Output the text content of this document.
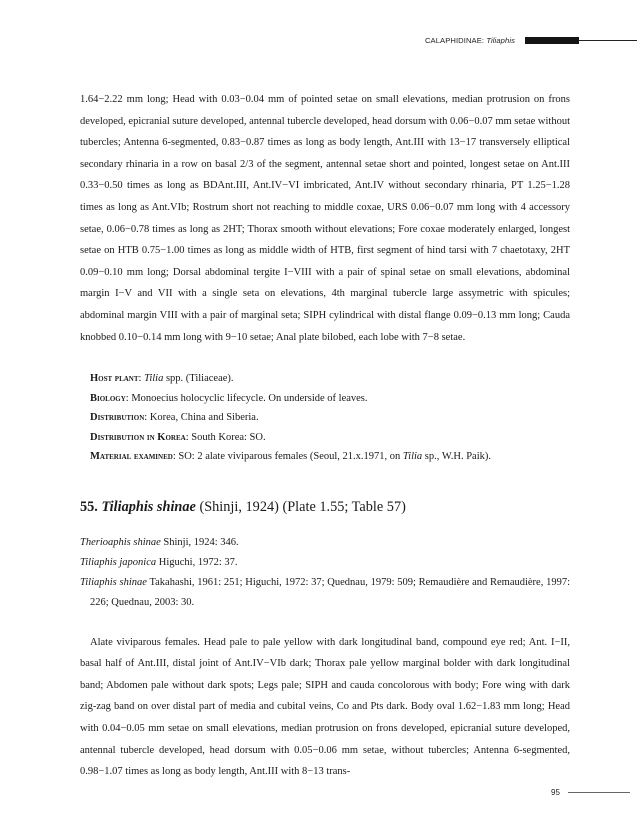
CALAPHIDINAE: Tiliaphis

1.64−2.22 mm long; Head with 0.03−0.04 mm of pointed setae on small elevations, median protrusion on frons developed, epicranial suture developed, antennal tubercle developed, head dorsum with 0.06−0.07 mm setae without tubercles; Antenna 6-segmented, 0.83−0.87 times as long as body length, Ant.III with 13−17 transversely elliptical secondary rhinaria in a row on basal 2/3 of the segment, antennal setae short and pointed, longest setae on Ant.III 0.33−0.50 times as long as BDAnt.III, Ant.IV−VI imbricated, Ant.IV without secondary rhinaria, PT 1.25−1.28 times as long as Ant.VIb; Rostrum short not reaching to middle coxae, URS 0.06−0.07 mm long with 4 accessory setae, 0.06−0.78 times as long as 2HT; Thorax smooth without elevations; Fore coxae moderately enlarged, longest setae on HTB 0.75−1.00 times as long as middle width of HTB, first segment of hind tarsi with 7 chaetotaxy, 2HT 0.09−0.10 mm long; Dorsal abdominal tergite I−VIII with a pair of spinal setae on small elevations, abdominal margin I−V and VII with a single seta on elevations, 4th marginal tubercle large assymetric with spicules; abdominal margin VIII with a pair of marginal seta; SIPH cylindrical with distal flange 0.09−0.13 mm long; Cauda knobbed 0.10−0.14 mm long with 9−10 setae; Anal plate bilobed, each lobe with 7−8 setae.

Host plant: Tilia spp. (Tiliaceae).

Biology: Monoecius holocyclic lifecycle. On underside of leaves.

Distribution: Korea, China and Siberia.

Distribution in Korea: South Korea: SO.

Material examined: SO: 2 alate viviparous females (Seoul, 21.x.1971, on Tilia sp., W.H. Paik).

55. Tiliaphis shinae (Shinji, 1924) (Plate 1.55; Table 57)

Therioaphis shinae Shinji, 1924: 346.

Tiliaphis japonica Higuchi, 1972: 37.

Tiliaphis shinae Takahashi, 1961: 251; Higuchi, 1972: 37; Quednau, 1979: 509; Remaudière and Remaudière, 1997: 226; Quednau, 2003: 30.

Alate viviparous females. Head pale to pale yellow with dark longitudinal band, compound eye red; Ant. I−II, basal half of Ant.III, distal joint of Ant.IV−VIb dark; Thorax pale yellow marginal bolder with dark longitudinal band; Abdomen pale without dark spots; Legs pale; SIPH and cauda concolorous with body; Fore wing with dark zig-zag band on over distal part of media and cubital veins, Co and Pts dark. Body oval 1.62−1.83 mm long; Head with 0.04−0.05 mm setae on small elevations, median protrusion on frons developed, epicranial suture developed, antennal tubercle developed, head dorsum with 0.05−0.06 mm setae, without tubercles; Antenna 6-segmented, 0.98−1.07 times as long as body length, Ant.III with 8−13 trans-

95
